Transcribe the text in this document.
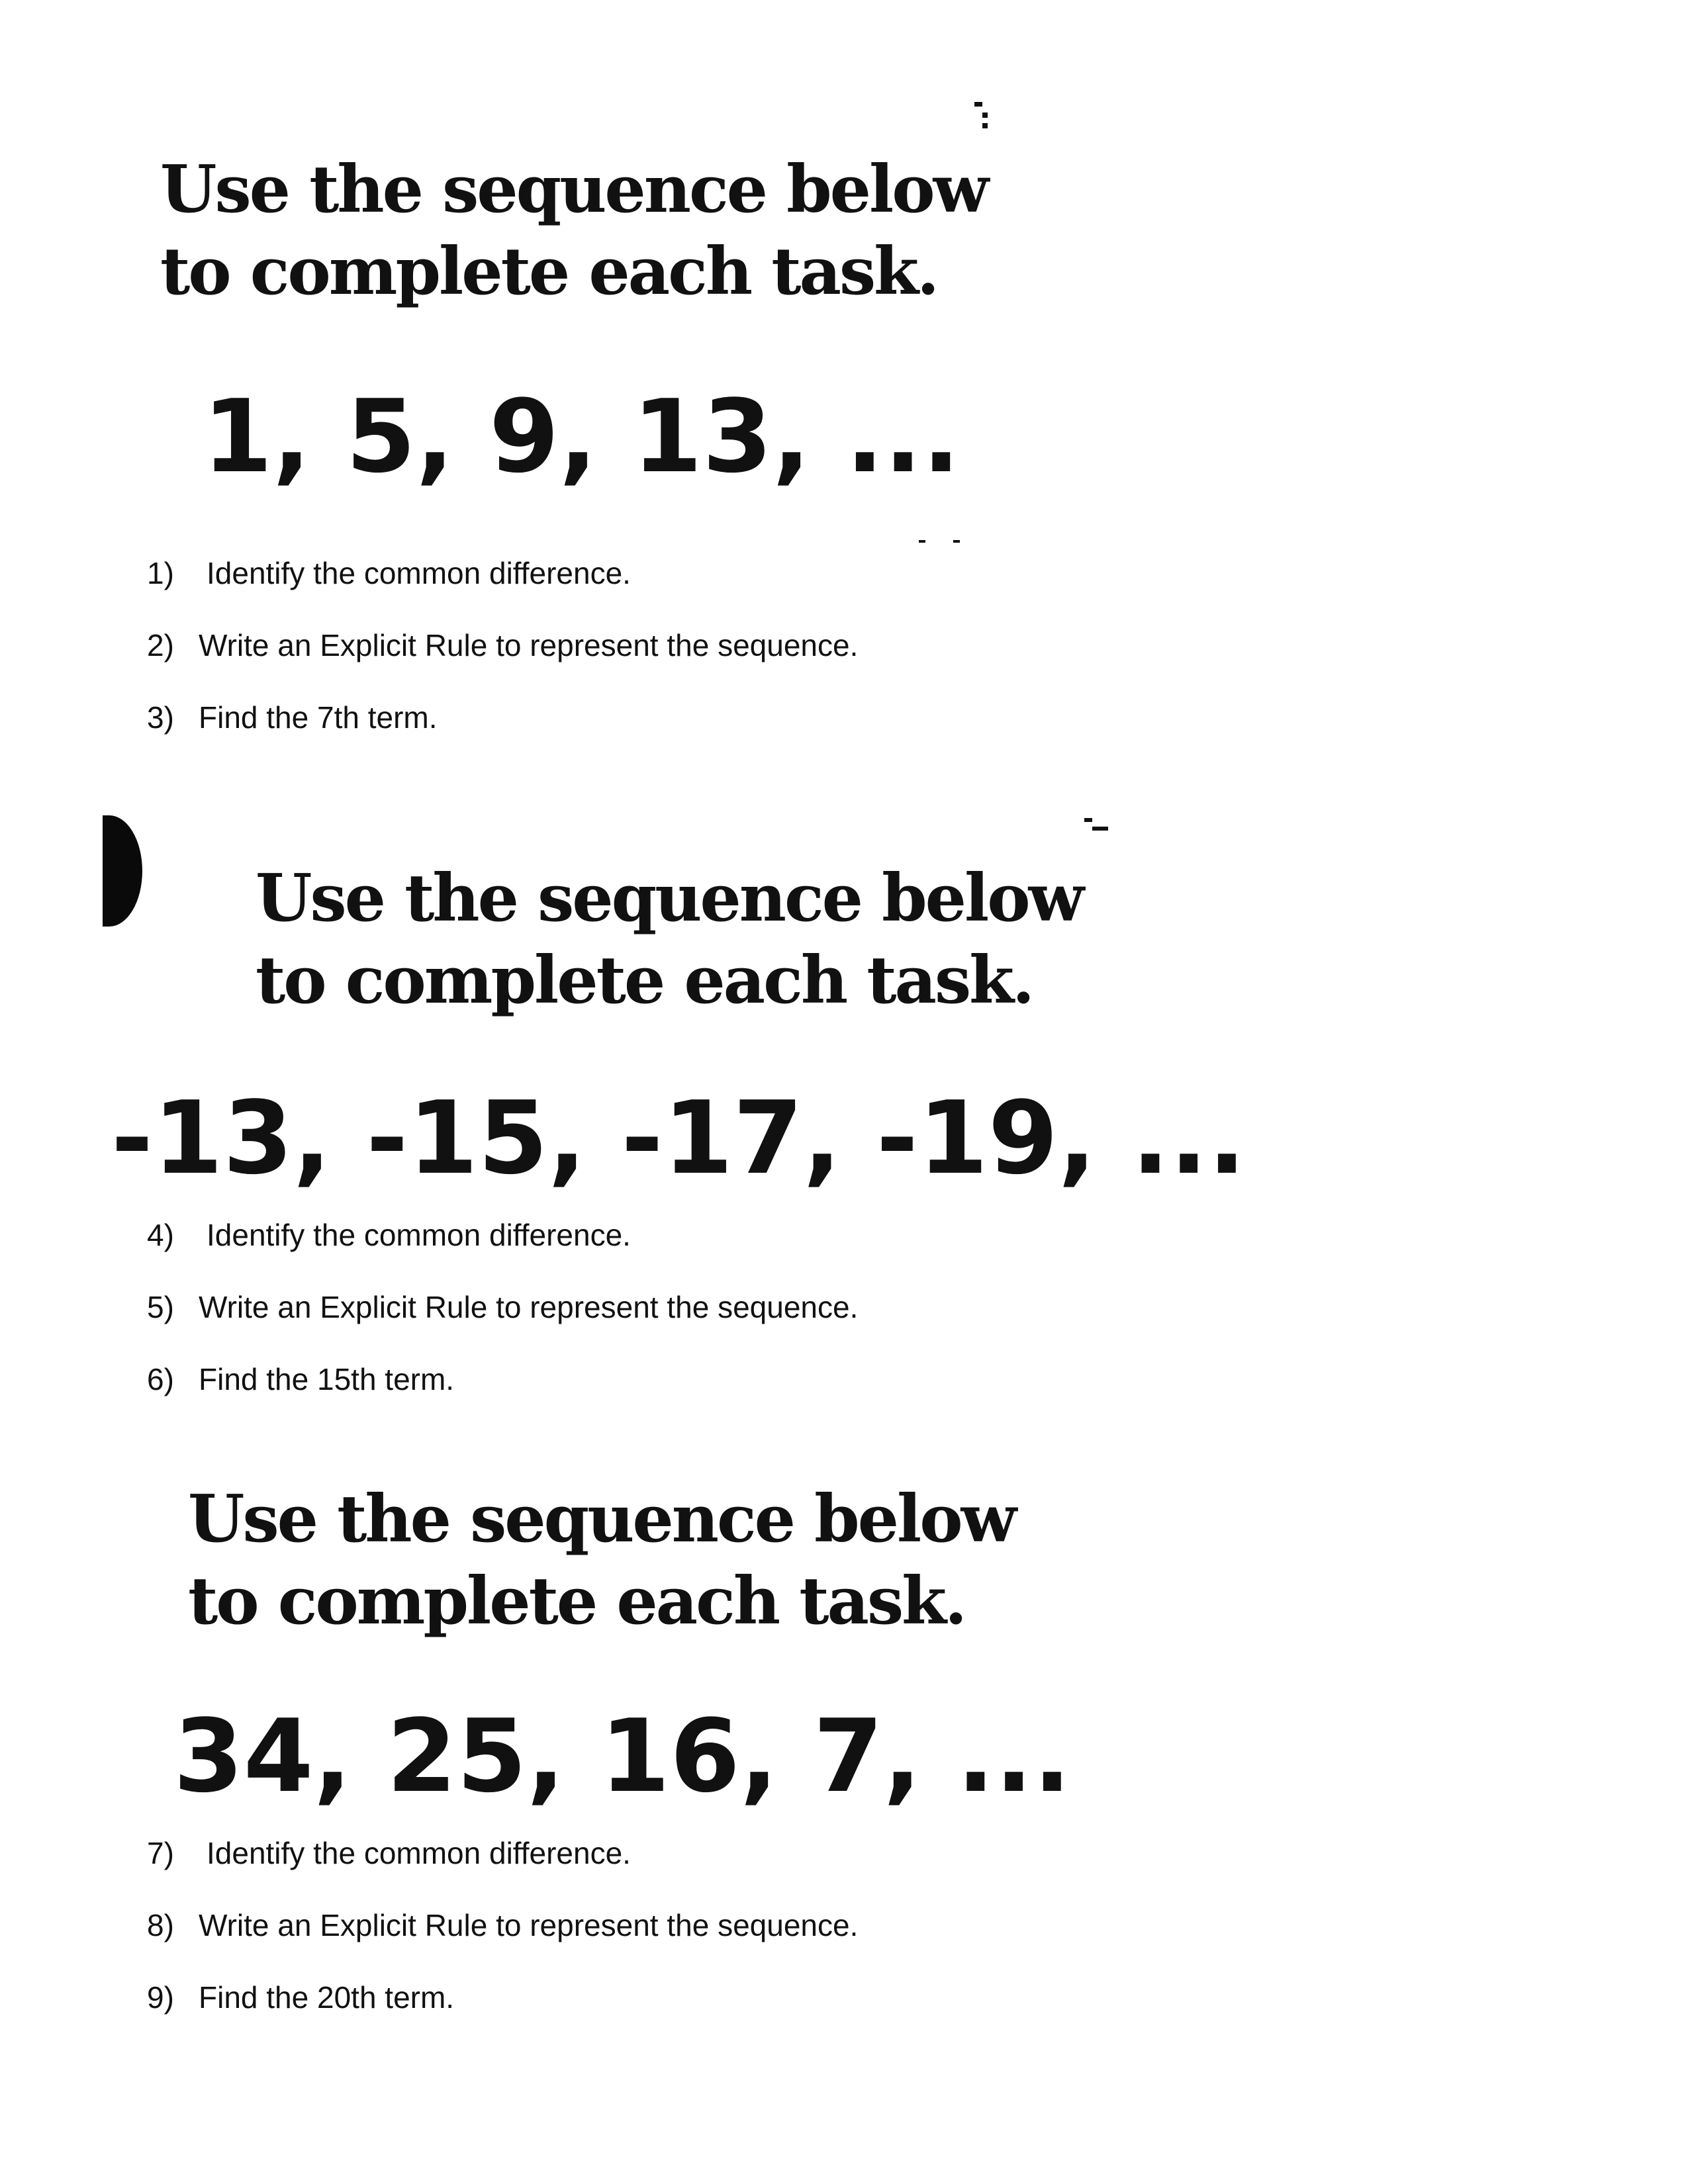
Use the sequence below
to complete each task.
1, 5, 9, 13, ...

1) Identify the common difference.

2) Write an Explicit Rule to represent the sequence.

3) Find the 7th term.

Use the sequence below
to complete each task.
-13, -15, -17, -19, ...

4) Identify the common difference.

5) Write an Explicit Rule to represent the sequence.

6) Find the 15th term.

Use the sequence below
to complete each task.
34, 25, 16, 7, ...

7) Identify the common difference.

8) Write an Explicit Rule to represent the sequence.

9) Find the 20th term.
